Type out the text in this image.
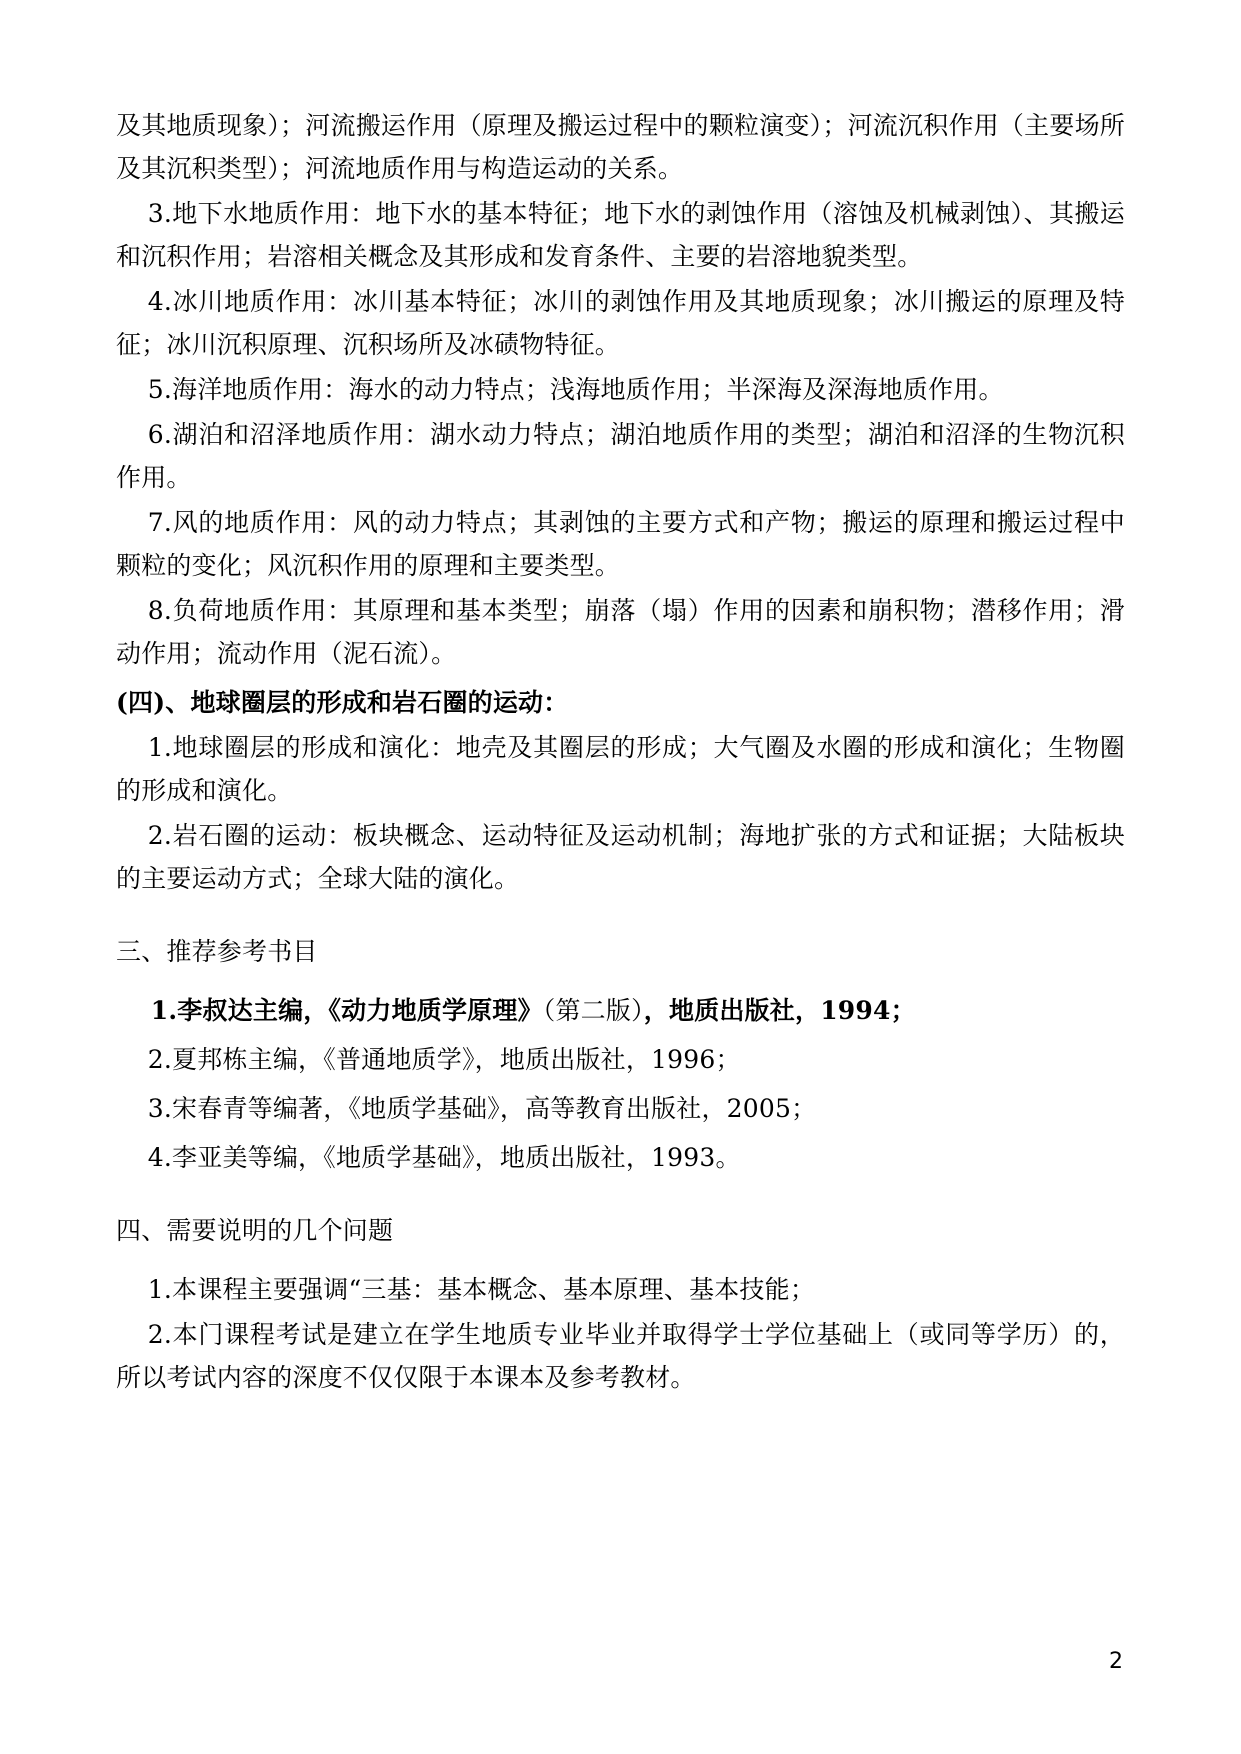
及其地质现象）；河流搬运作用（原理及搬运过程中的颗粒演变）；河流沉积作用（主要场所及其沉积类型）；河流地质作用与构造运动的关系。

3.地下水地质作用：地下水的基本特征；地下水的剥蚀作用（溶蚀及机械剥蚀）、其搬运和沉积作用；岩溶相关概念及其形成和发育条件、主要的岩溶地貌类型。

4.冰川地质作用：冰川基本特征；冰川的剥蚀作用及其地质现象；冰川搬运的原理及特征；冰川沉积原理、沉积场所及冰碛物特征。

5.海洋地质作用：海水的动力特点；浅海地质作用；半深海及深海地质作用。

6.湖泊和沼泽地质作用：湖水动力特点；湖泊地质作用的类型；湖泊和沼泽的生物沉积作用。

7.风的地质作用：风的动力特点；其剥蚀的主要方式和产物；搬运的原理和搬运过程中颗粒的变化；风沉积作用的原理和主要类型。

8.负荷地质作用：其原理和基本类型；崩落（塌）作用的因素和崩积物；潜移作用；滑动作用；流动作用（泥石流）。

(四)、地球圈层的形成和岩石圈的运动：

1.地球圈层的形成和演化：地壳及其圈层的形成；大气圈及水圈的形成和演化；生物圈的形成和演化。

2.岩石圈的运动：板块概念、运动特征及运动机制；海地扩张的方式和证据；大陆板块的主要运动方式；全球大陆的演化。

三、推荐参考书目

1.李叔达主编，《动力地质学原理》（第二版），地质出版社，1994；

2.夏邦栋主编，《普通地质学》，地质出版社，1996；

3.宋春青等编著，《地质学基础》，高等教育出版社，2005；

4.李亚美等编，《地质学基础》，地质出版社，1993。

四、需要说明的几个问题

1.本课程主要强调“三基：基本概念、基本原理、基本技能；

2.本门课程考试是建立在学生地质专业毕业并取得学士学位基础上（或同等学历）的，所以考试内容的深度不仅仅限于本课本及参考教材。

2
